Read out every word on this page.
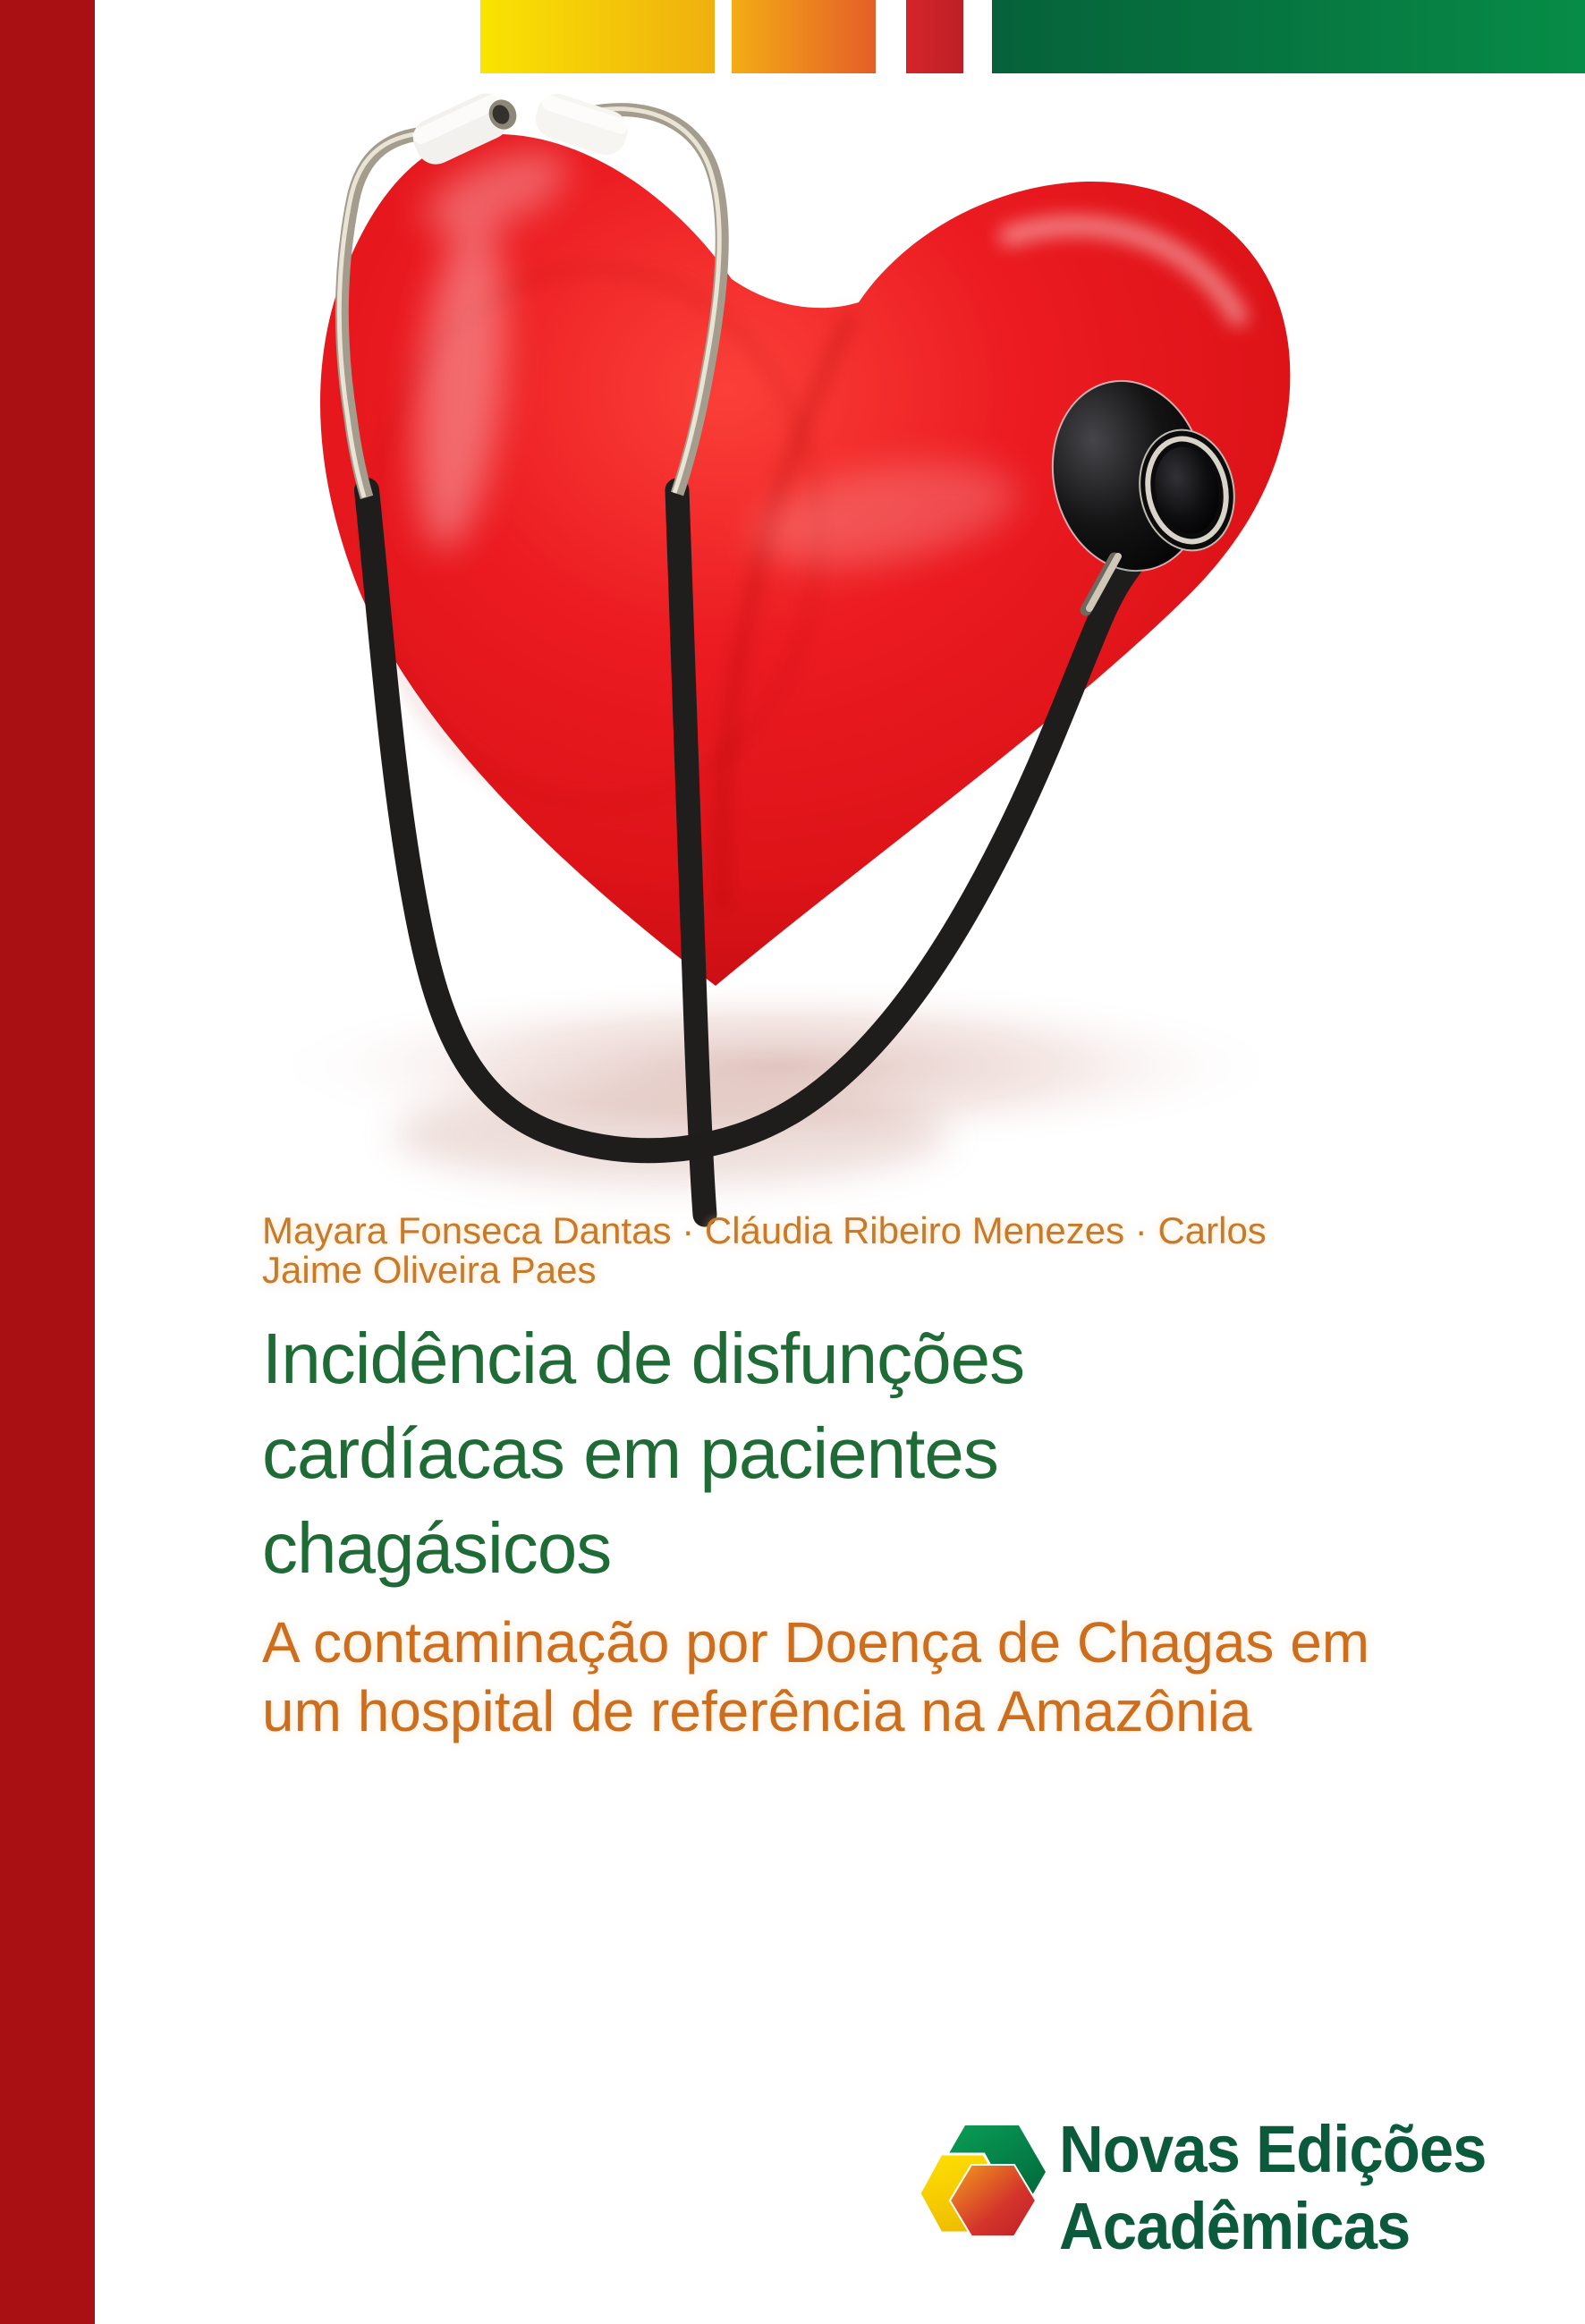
Mayara Fonseca Dantas · Cláudia Ribeiro Menezes · Carlos
Jaime Oliveira Paes
Incidência de disfunções
cardíacas em pacientes
chagásicos
A contaminação por Doença de Chagas em
um hospital de referência na Amazônia
Novas Edições
Acadêmicas
